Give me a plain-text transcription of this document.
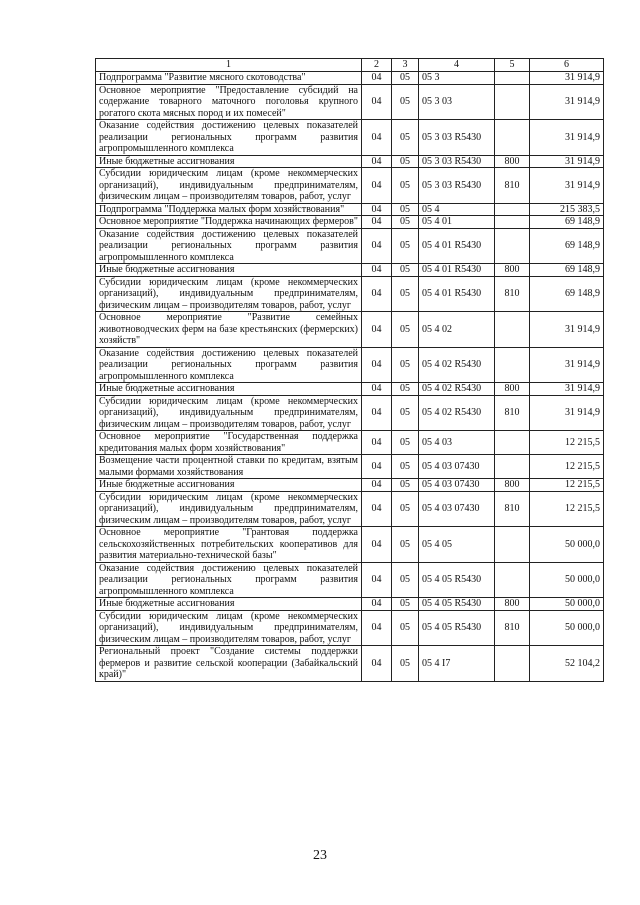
1	2	3	4	5	6
Подпрограмма "Развитие мясного скотоводства"	04	05	05 3		31 914,9
Основное мероприятие "Предоставление субсидий на содержание товарного маточного поголовья крупного рогатого скота мясных пород и их помесей"	04	05	05 3 03		31 914,9
Оказание содействия достижению целевых показателей реализации региональных программ развития агропромышленного комплекса	04	05	05 3 03 R5430		31 914,9
Иные бюджетные ассигнования	04	05	05 3 03 R5430	800	31 914,9
Субсидии юридическим лицам (кроме некоммерческих организаций), индивидуальным предпринимателям, физическим лицам – производителям товаров, работ, услуг	04	05	05 3 03 R5430	810	31 914,9
Подпрограмма "Поддержка малых форм хозяйствования"	04	05	05 4		215 383,5
Основное мероприятие "Поддержка начинающих фермеров"	04	05	05 4 01		69 148,9
Оказание содействия достижению целевых показателей реализации региональных программ развития агропромышленного комплекса	04	05	05 4 01 R5430		69 148,9
Иные бюджетные ассигнования	04	05	05 4 01 R5430	800	69 148,9
Субсидии юридическим лицам (кроме некоммерческих организаций), индивидуальным предпринимателям, физическим лицам – производителям товаров, работ, услуг	04	05	05 4 01 R5430	810	69 148,9
Основное мероприятие "Развитие семейных животноводческих ферм на базе крестьянских (фермерских) хозяйств"	04	05	05 4 02		31 914,9
Оказание содействия достижению целевых показателей реализации региональных программ развития агропромышленного комплекса	04	05	05 4 02 R5430		31 914,9
Иные бюджетные ассигнования	04	05	05 4 02 R5430	800	31 914,9
Субсидии юридическим лицам (кроме некоммерческих организаций), индивидуальным предпринимателям, физическим лицам – производителям товаров, работ, услуг	04	05	05 4 02 R5430	810	31 914,9
Основное мероприятие "Государственная поддержка кредитования малых форм хозяйствования"	04	05	05 4 03		12 215,5
Возмещение части процентной ставки по кредитам, взятым малыми формами хозяйствования	04	05	05 4 03 07430		12 215,5
Иные бюджетные ассигнования	04	05	05 4 03 07430	800	12 215,5
Субсидии юридическим лицам (кроме некоммерческих организаций), индивидуальным предпринимателям, физическим лицам – производителям товаров, работ, услуг	04	05	05 4 03 07430	810	12 215,5
Основное мероприятие "Грантовая поддержка сельскохозяйственных потребительских кооперативов для развития материально-технической базы"	04	05	05 4 05		50 000,0
Оказание содействия достижению целевых показателей реализации региональных программ развития агропромышленного комплекса	04	05	05 4 05 R5430		50 000,0
Иные бюджетные ассигнования	04	05	05 4 05 R5430	800	50 000,0
Субсидии юридическим лицам (кроме некоммерческих организаций), индивидуальным предпринимателям, физическим лицам – производителям товаров, работ, услуг	04	05	05 4 05 R5430	810	50 000,0
Региональный проект "Создание системы поддержки фермеров и развитие сельской кооперации (Забайкальский край)"	04	05	05 4 I7		52 104,2
23
